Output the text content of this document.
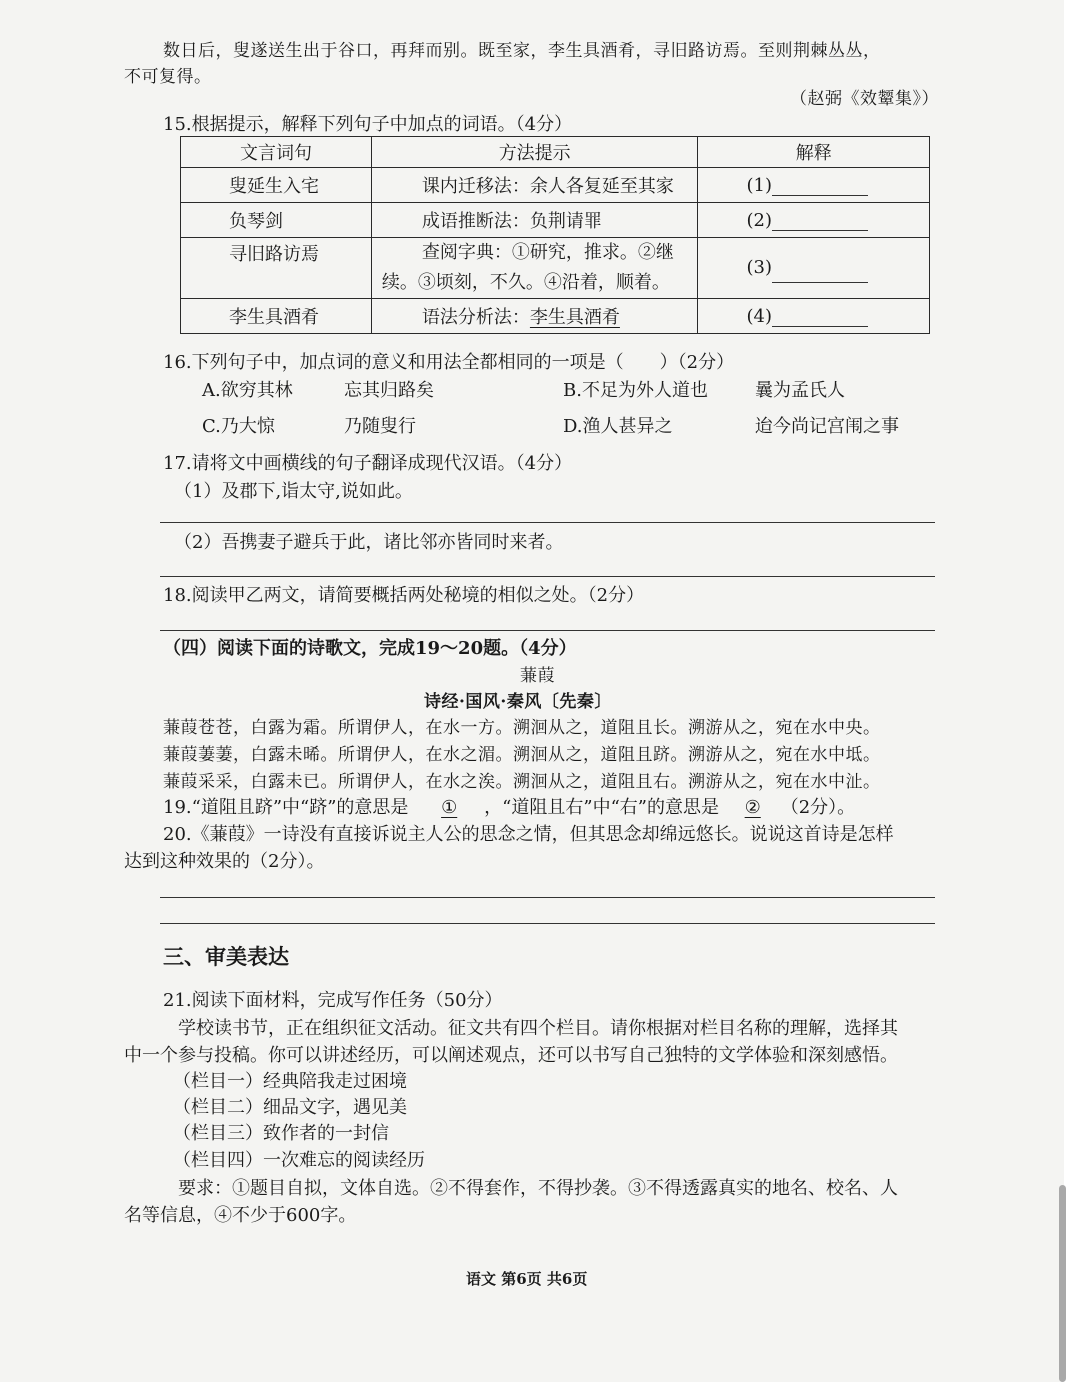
数日后，叟遂送生出于谷口，再拜而别。既至家，李生具酒肴，寻旧路访焉。至则荆棘丛丛，
不可复得。
（赵弼《效颦集》）
15.根据提示，解释下列句子中加点的词语。（4分）
文言词句	方法提示	解释
叟延生入宅	课内迁移法：余人各复延至其家	(1)
负琴剑	成语推断法：负荆请罪	(2)
寻旧路访焉	查阅字典：①研究，推求。②继
续。③顷刻，不久。④沿着，顺着。	(3)
李生具酒肴	语法分析法：李生具酒肴	(4)
16.下列句子中，加点词的意义和用法全都相同的一项是（　　）（2分）
A.欲穷其林	忘其归路矣	B.不足为外人道也	曩为孟氏人
C.乃大惊	乃随叟行	D.渔人甚异之	迨今尚记宫闱之事
17.请将文中画横线的句子翻译成现代汉语。（4分）
（1）及郡下,诣太守,说如此。
（2）吾携妻子避兵于此，诸比邻亦皆同时来者。
18.阅读甲乙两文，请简要概括两处秘境的相似之处。（2分）
（四）阅读下面的诗歌文，完成19～20题。（4分）
蒹葭
诗经·国风·秦风〔先秦〕
蒹葭苍苍，白露为霜。所谓伊人，在水一方。溯洄从之，道阻且长。溯游从之，宛在水中央。
蒹葭萋萋，白露未晞。所谓伊人，在水之湄。溯洄从之，道阻且跻。溯游从之，宛在水中坻。
蒹葭采采，白露未已。所谓伊人，在水之涘。溯洄从之，道阻且右。溯游从之，宛在水中沚。
19.“道阻且跻”中“跻”的意思是 ① ，“道阻且右”中“右”的意思是 ② （2分）。
20.《蒹葭》一诗没有直接诉说主人公的思念之情，但其思念却绵远悠长。说说这首诗是怎样
达到这种效果的（2分）。
三、审美表达
21.阅读下面材料，完成写作任务（50分）
学校读书节，正在组织征文活动。征文共有四个栏目。请你根据对栏目名称的理解，选择其
中一个参与投稿。你可以讲述经历，可以阐述观点，还可以书写自己独特的文学体验和深刻感悟。
（栏目一）经典陪我走过困境
（栏目二）细品文字，遇见美
（栏目三）致作者的一封信
（栏目四）一次难忘的阅读经历
要求：①题目自拟，文体自选。②不得套作，不得抄袭。③不得透露真实的地名、校名、人
名等信息，④不少于600字。
语文 第6页 共6页
